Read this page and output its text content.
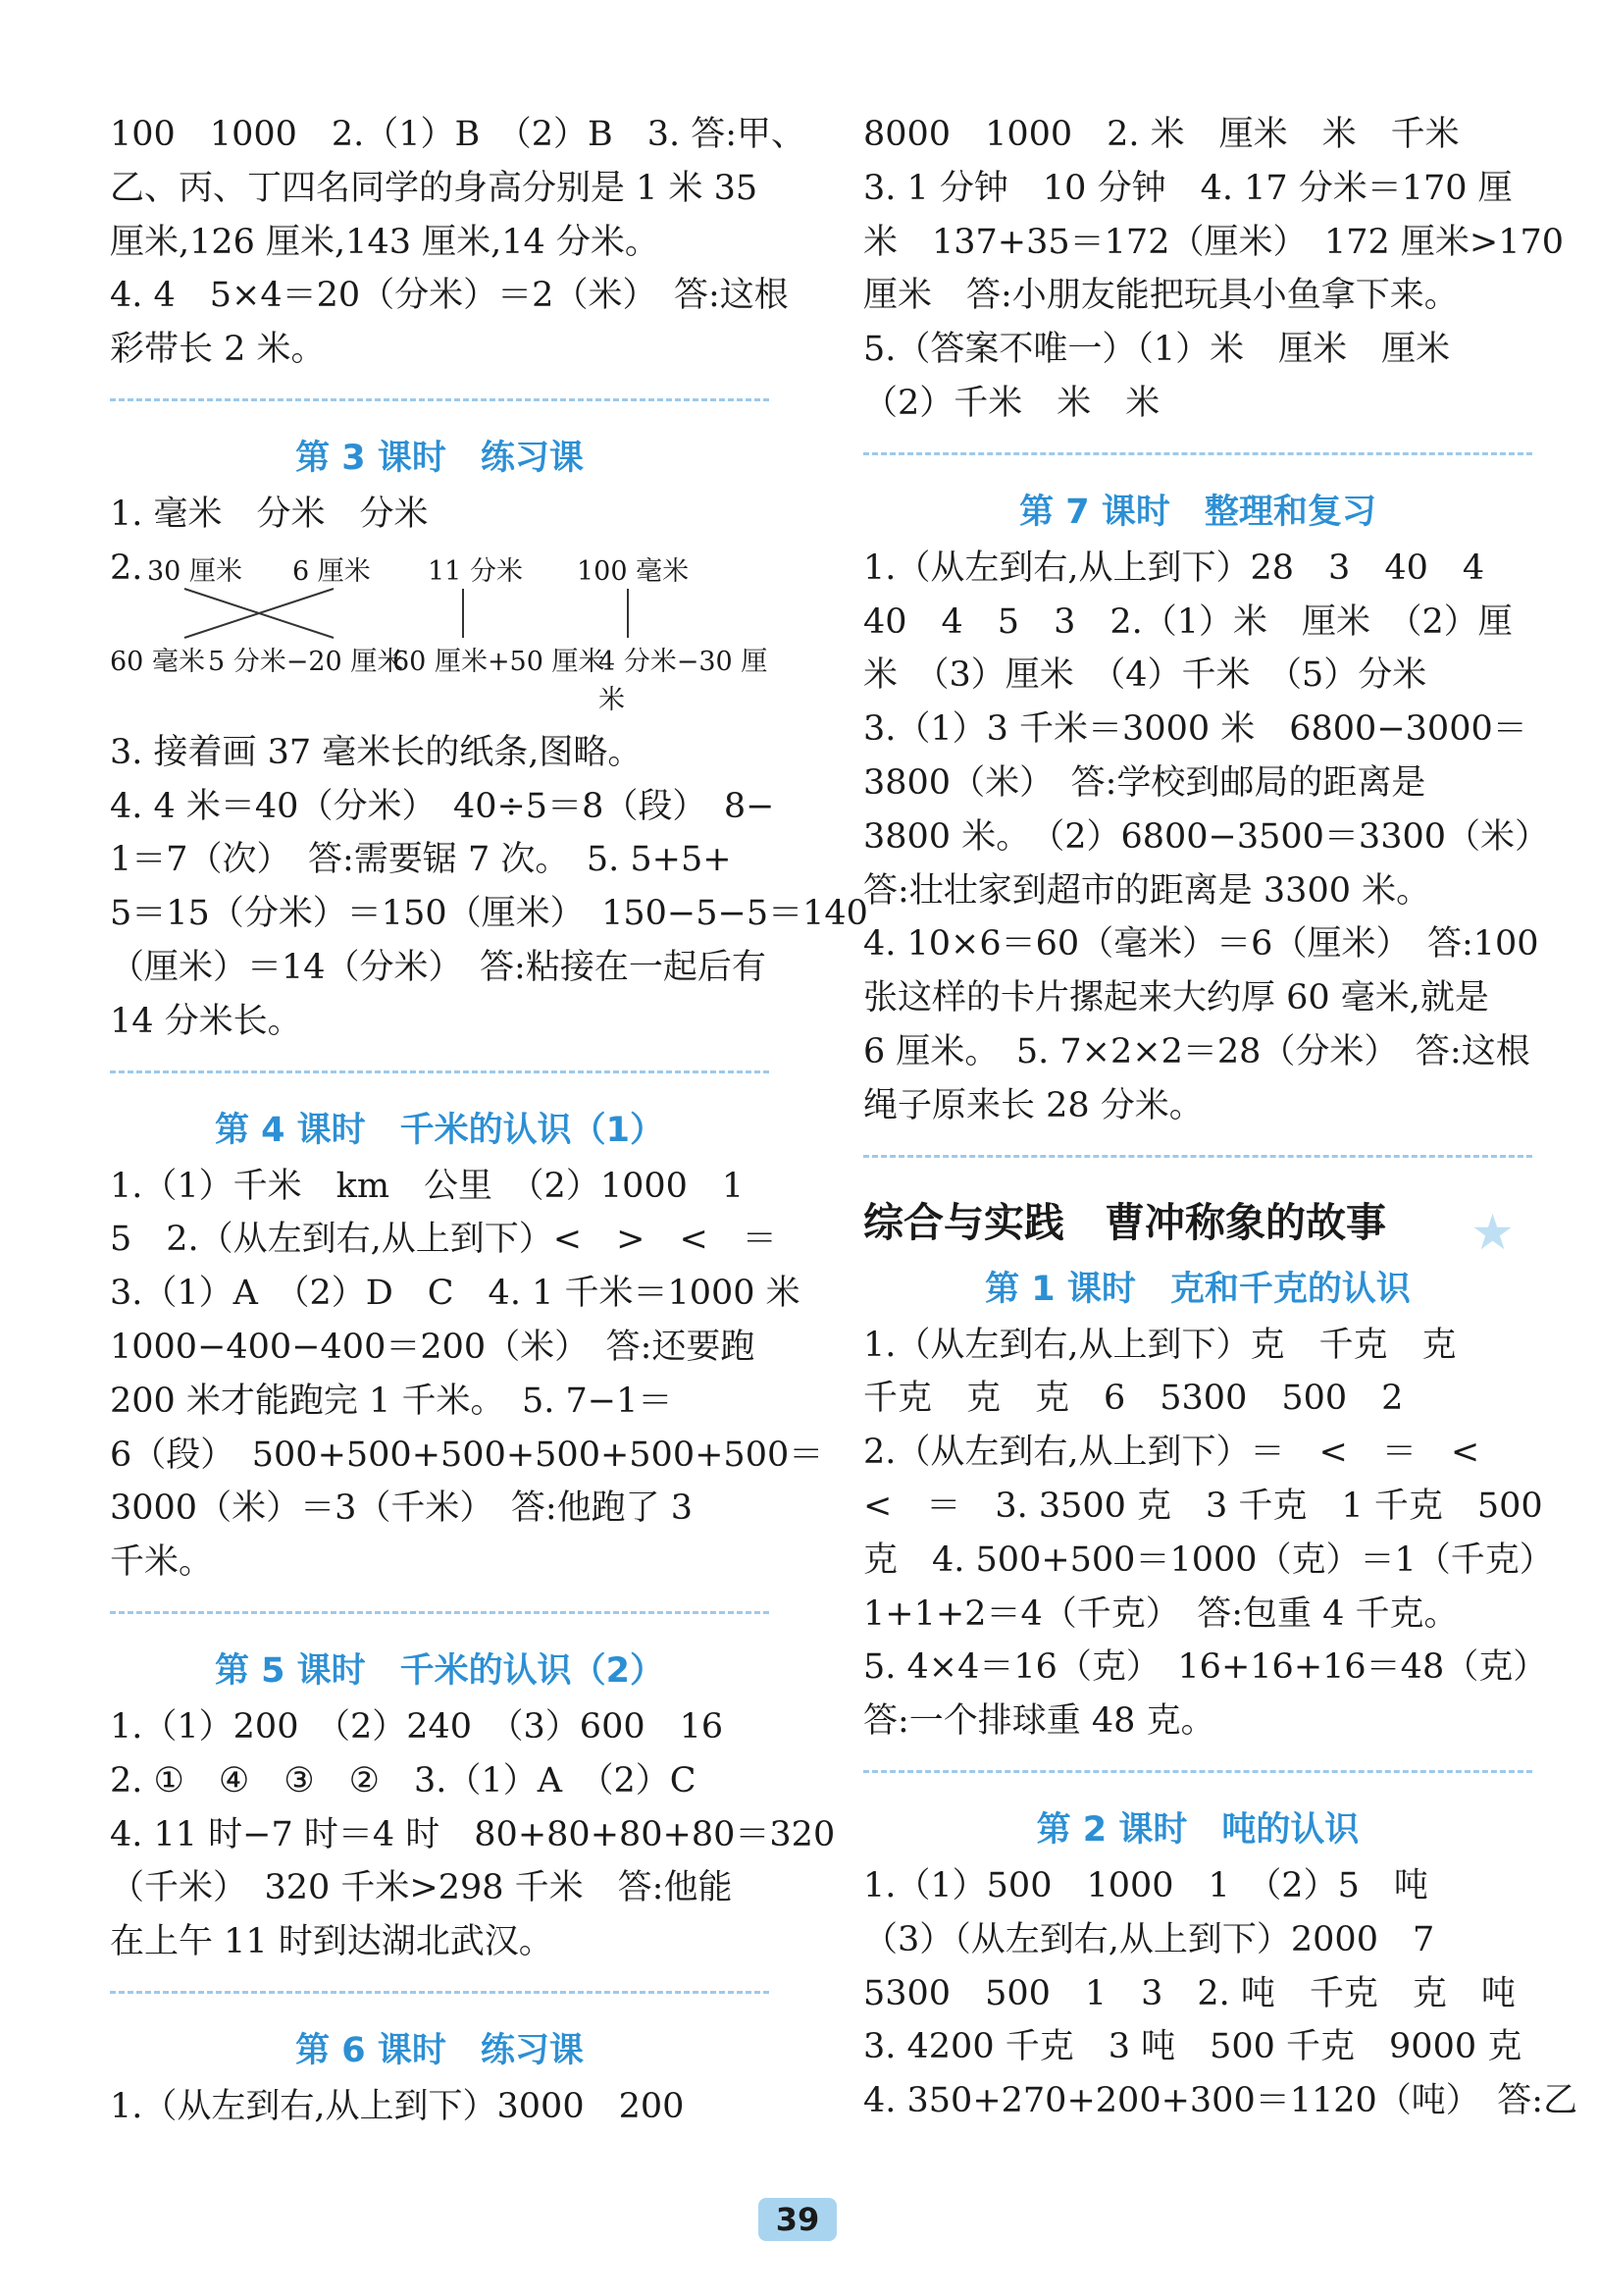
100　1000　2.（1）B　（2）B　3. 答:甲、
乙、丙、丁四名同学的身高分别是 1 米 35
厘米,126 厘米,143 厘米,14 分米。
4. 4　5×4＝20（分米）＝2（米）　答:这根
彩带长 2 米。
第 3 课时　练习课
1. 毫米　分米　分米
2. 30 厘米 6 厘米 11 分米 100 毫米
60 毫米 5 分米−20 厘米
60 厘米+50 厘米
4 分米−30 厘米
3. 接着画 37 毫米长的纸条,图略。
4. 4 米＝40（分米）　40÷5＝8（段）　8−
1＝7（次）　答:需要锯 7 次。　5. 5+5+
5＝15（分米）＝150（厘米）　150−5−5＝140
（厘米）＝14（分米）　答:粘接在一起后有
14 分米长。
第 4 课时　千米的认识（1）
1.（1）千米　km　公里　（2）1000　1
5　2.（从左到右,从上到下）<　>　<　＝
3.（1）A　（2）D　C　4. 1 千米＝1000 米
1000−400−400＝200（米）　答:还要跑
200 米才能跑完 1 千米。　5. 7−1＝
6（段）　500+500+500+500+500+500＝
3000（米）＝3（千米）　答:他跑了 3
千米。
第 5 课时　千米的认识（2）
1.（1）200　（2）240　（3）600　16
2. ①　④　③　②　3.（1）A　（2）C
4. 11 时−7 时＝4 时　80+80+80+80＝320
（千米）　320 千米>298 千米　答:他能
在上午 11 时到达湖北武汉。
第 6 课时　练习课
1.（从左到右,从上到下）3000　200
8000　1000　2. 米　厘米　米　千米
3. 1 分钟　10 分钟　4. 17 分米＝170 厘
米　137+35＝172（厘米）　172 厘米>170
厘米　答:小朋友能把玩具小鱼拿下来。
5.（答案不唯一）（1）米　厘米　厘米
（2）千米　米　米
第 7 课时　整理和复习
1.（从左到右,从上到下）28　3　40　4
40　4　5　3　2.（1）米　厘米　（2）厘
米　（3）厘米　（4）千米　（5）分米
3.（1）3 千米＝3000 米　6800−3000＝
3800（米）　答:学校到邮局的距离是
3800 米。　（2）6800−3500＝3300（米）
答:壮壮家到超市的距离是 3300 米。
4. 10×6＝60（毫米）＝6（厘米）　答:100
张这样的卡片摞起来大约厚 60 毫米,就是
6 厘米。　5. 7×2×2＝28（分米）　答:这根
绳子原来长 28 分米。
综合与实践　曹冲称象的故事 ★
第 1 课时　克和千克的认识
1.（从左到右,从上到下）克　千克　克
千克　克　克　6　5300　500　2
2.（从左到右,从上到下）＝　<　＝　<
<　＝　3. 3500 克　3 千克　1 千克　500
克　4. 500+500＝1000（克）＝1（千克）
1+1+2＝4（千克）　答:包重 4 千克。
5. 4×4＝16（克）　16+16+16＝48（克）
答:一个排球重 48 克。
第 2 课时　吨的认识
1.（1）500　1000　1　（2）5　吨
（3）（从左到右,从上到下）2000　7
5300　500　1　3　2. 吨　千克　克　吨
3. 4200 千克　3 吨　500 千克　9000 克
4. 350+270+200+300＝1120（吨）　答:乙
39
